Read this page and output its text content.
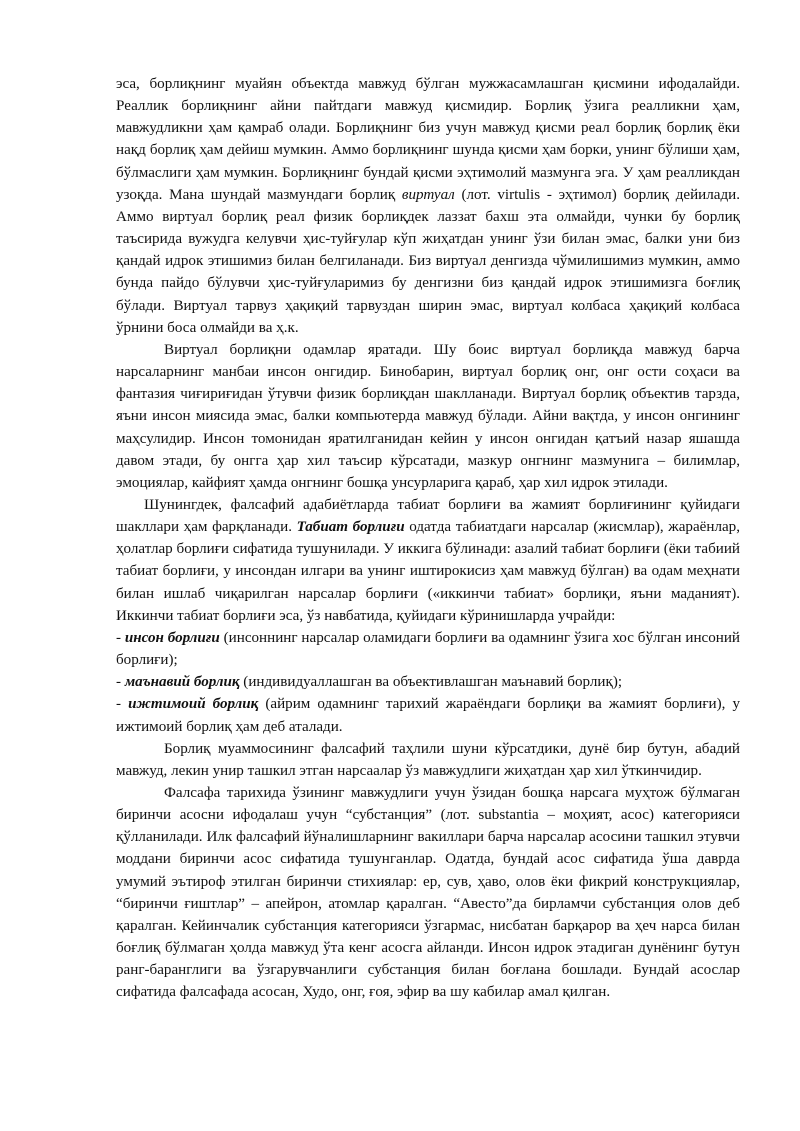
эса, борлиқнинг муайян объектда мавжуд бўлган мужжасамлашган қисмини ифодалайди. Реаллик борлиқнинг айни пайтдаги мавжуд қисмидир. Борлиқ ўзига реалликни ҳам, мавжудликни ҳам қамраб олади. Борлиқнинг биз учун мавжуд қисми реал борлиқ борлиқ ёки нақд борлиқ ҳам дейиш мумкин. Аммо борлиқнинг шунда қисми ҳам борки, унинг бўлиши ҳам, бўлмаслиги ҳам мумкин. Борлиқнинг бундай қисми эҳтимолий мазмунга эга. У ҳам реалликдан узоқда. Мана шундай мазмундаги борлиқ виртуал (лот. virtulis - эҳтимол) борлиқ дейилади. Аммо виртуал борлиқ реал физик борлиқдек лаззат бахш эта олмайди, чунки бу борлиқ таъсирида вужудга келувчи ҳис-туйғулар кўп жиҳатдан унинг ўзи билан эмас, балки уни биз қандай идрок этишимиз билан белгиланади. Биз виртуал денгизда чўмилишимиз мумкин, аммо бунда пайдо бўлувчи ҳис-туйғуларимиз бу денгизни биз қандай идрок этишимизга боғлиқ бўлади. Виртуал тарвуз ҳақиқий тарвуздан ширин эмас, виртуал колбаса ҳақиқий колбаса ўрнини боса олмайди ва ҳ.к.

Виртуал борлиқни одамлар яратади. Шу боис виртуал борлиқда мавжуд барча нарсаларнинг манбаи инсон онгидир. Бинобарин, виртуал борлиқ онг, онг ости соҳаси ва фантазия чиғириғидан ўтувчи физик борлиқдан шаклланади. Виртуал борлиқ объектив тарзда, яъни инсон миясида эмас, балки компьютерда мавжуд бўлади. Айни вақтда, у инсон онгининг маҳсулидир. Инсон томонидан яратилганидан кейин у инсон онгидан қатъий назар яшашда давом этади, бу онгга ҳар хил таъсир кўрсатади, мазкур онгнинг мазмунига – билимлар, эмоциялар, кайфият ҳамда онгнинг бошқа унсурларига қараб, ҳар хил идрок этилади.

Шунингдек, фалсафий адабиётларда табиат борлиғи ва жамият борлиғининг қуйидаги шакллари ҳам фарқланади. Табиат борлиғи одатда табиатдаги нарсалар (жисмлар), жараёнлар, ҳолатлар борлиғи сифатида тушунилади. У иккига бўлинади: азалий табиат борлиғи (ёки табиий табиат борлиғи, у инсондан илгари ва унинг иштирокисиз ҳам мавжуд бўлган) ва одам меҳнати билан ишлаб чиқарилган нарсалар борлиғи («иккинчи табиат» борлиқи, яъни маданият). Иккинчи табиат борлиғи эса, ўз навбатида, қуйидаги кўринишларда учрайди:

- инсон борлиғи (инсоннинг нарсалар оламидаги борлиғи ва одамнинг ўзига хос бўлган инсоний борлиғи);

- маънавий борлиқ (индивидуаллашган ва объективлашган маънавий борлиқ);

- ижтимоий борлиқ (айрим одамнинг тарихий жараёндаги борлиқи ва жамият борлиғи), у ижтимоий борлиқ ҳам деб аталади.

Борлиқ муаммосининг фалсафий таҳлили шуни кўрсатдики, дунё бир бутун, абадий мавжуд, лекин унир ташкил этган нарсаалар ўз мавжудлиги жиҳатдан ҳар хил ўткинчидир.

Фалсафа тарихида ўзининг мавжудлиги учун ўзидан бошқа нарсага муҳтож бўлмаган биринчи асосни ифодалаш учун “субстанция” (лот. substantia – моҳият, асос) категорияси қўлланилади. Илк фалсафий йўналишларнинг вакиллари барча нарсалар асосини ташкил этувчи моддани биринчи асос сифатида тушунганлар. Одатда, бундай асос сифатида ўша даврда умумий эътироф этилган биринчи стихиялар: ер, сув, ҳаво, олов ёки фикрий конструкциялар, “биринчи ғиштлар” – апейрон, атомлар қаралган. “Авесто”да бирламчи субстанция олов деб қаралган. Кейинчалик субстанция категорияси ўзгармас, нисбатан барқарор ва ҳеч нарса билан боғлиқ бўлмаган ҳолда мавжуд ўта кенг асосга айланди. Инсон идрок этадиган дунёнинг бутун ранг-баранглиги ва ўзгарувчанлиги субстанция билан боғлана бошлади. Бундай асослар сифатида фалсафада асосан, Худо, онг, ғоя, эфир ва шу кабилар амал қилган.
